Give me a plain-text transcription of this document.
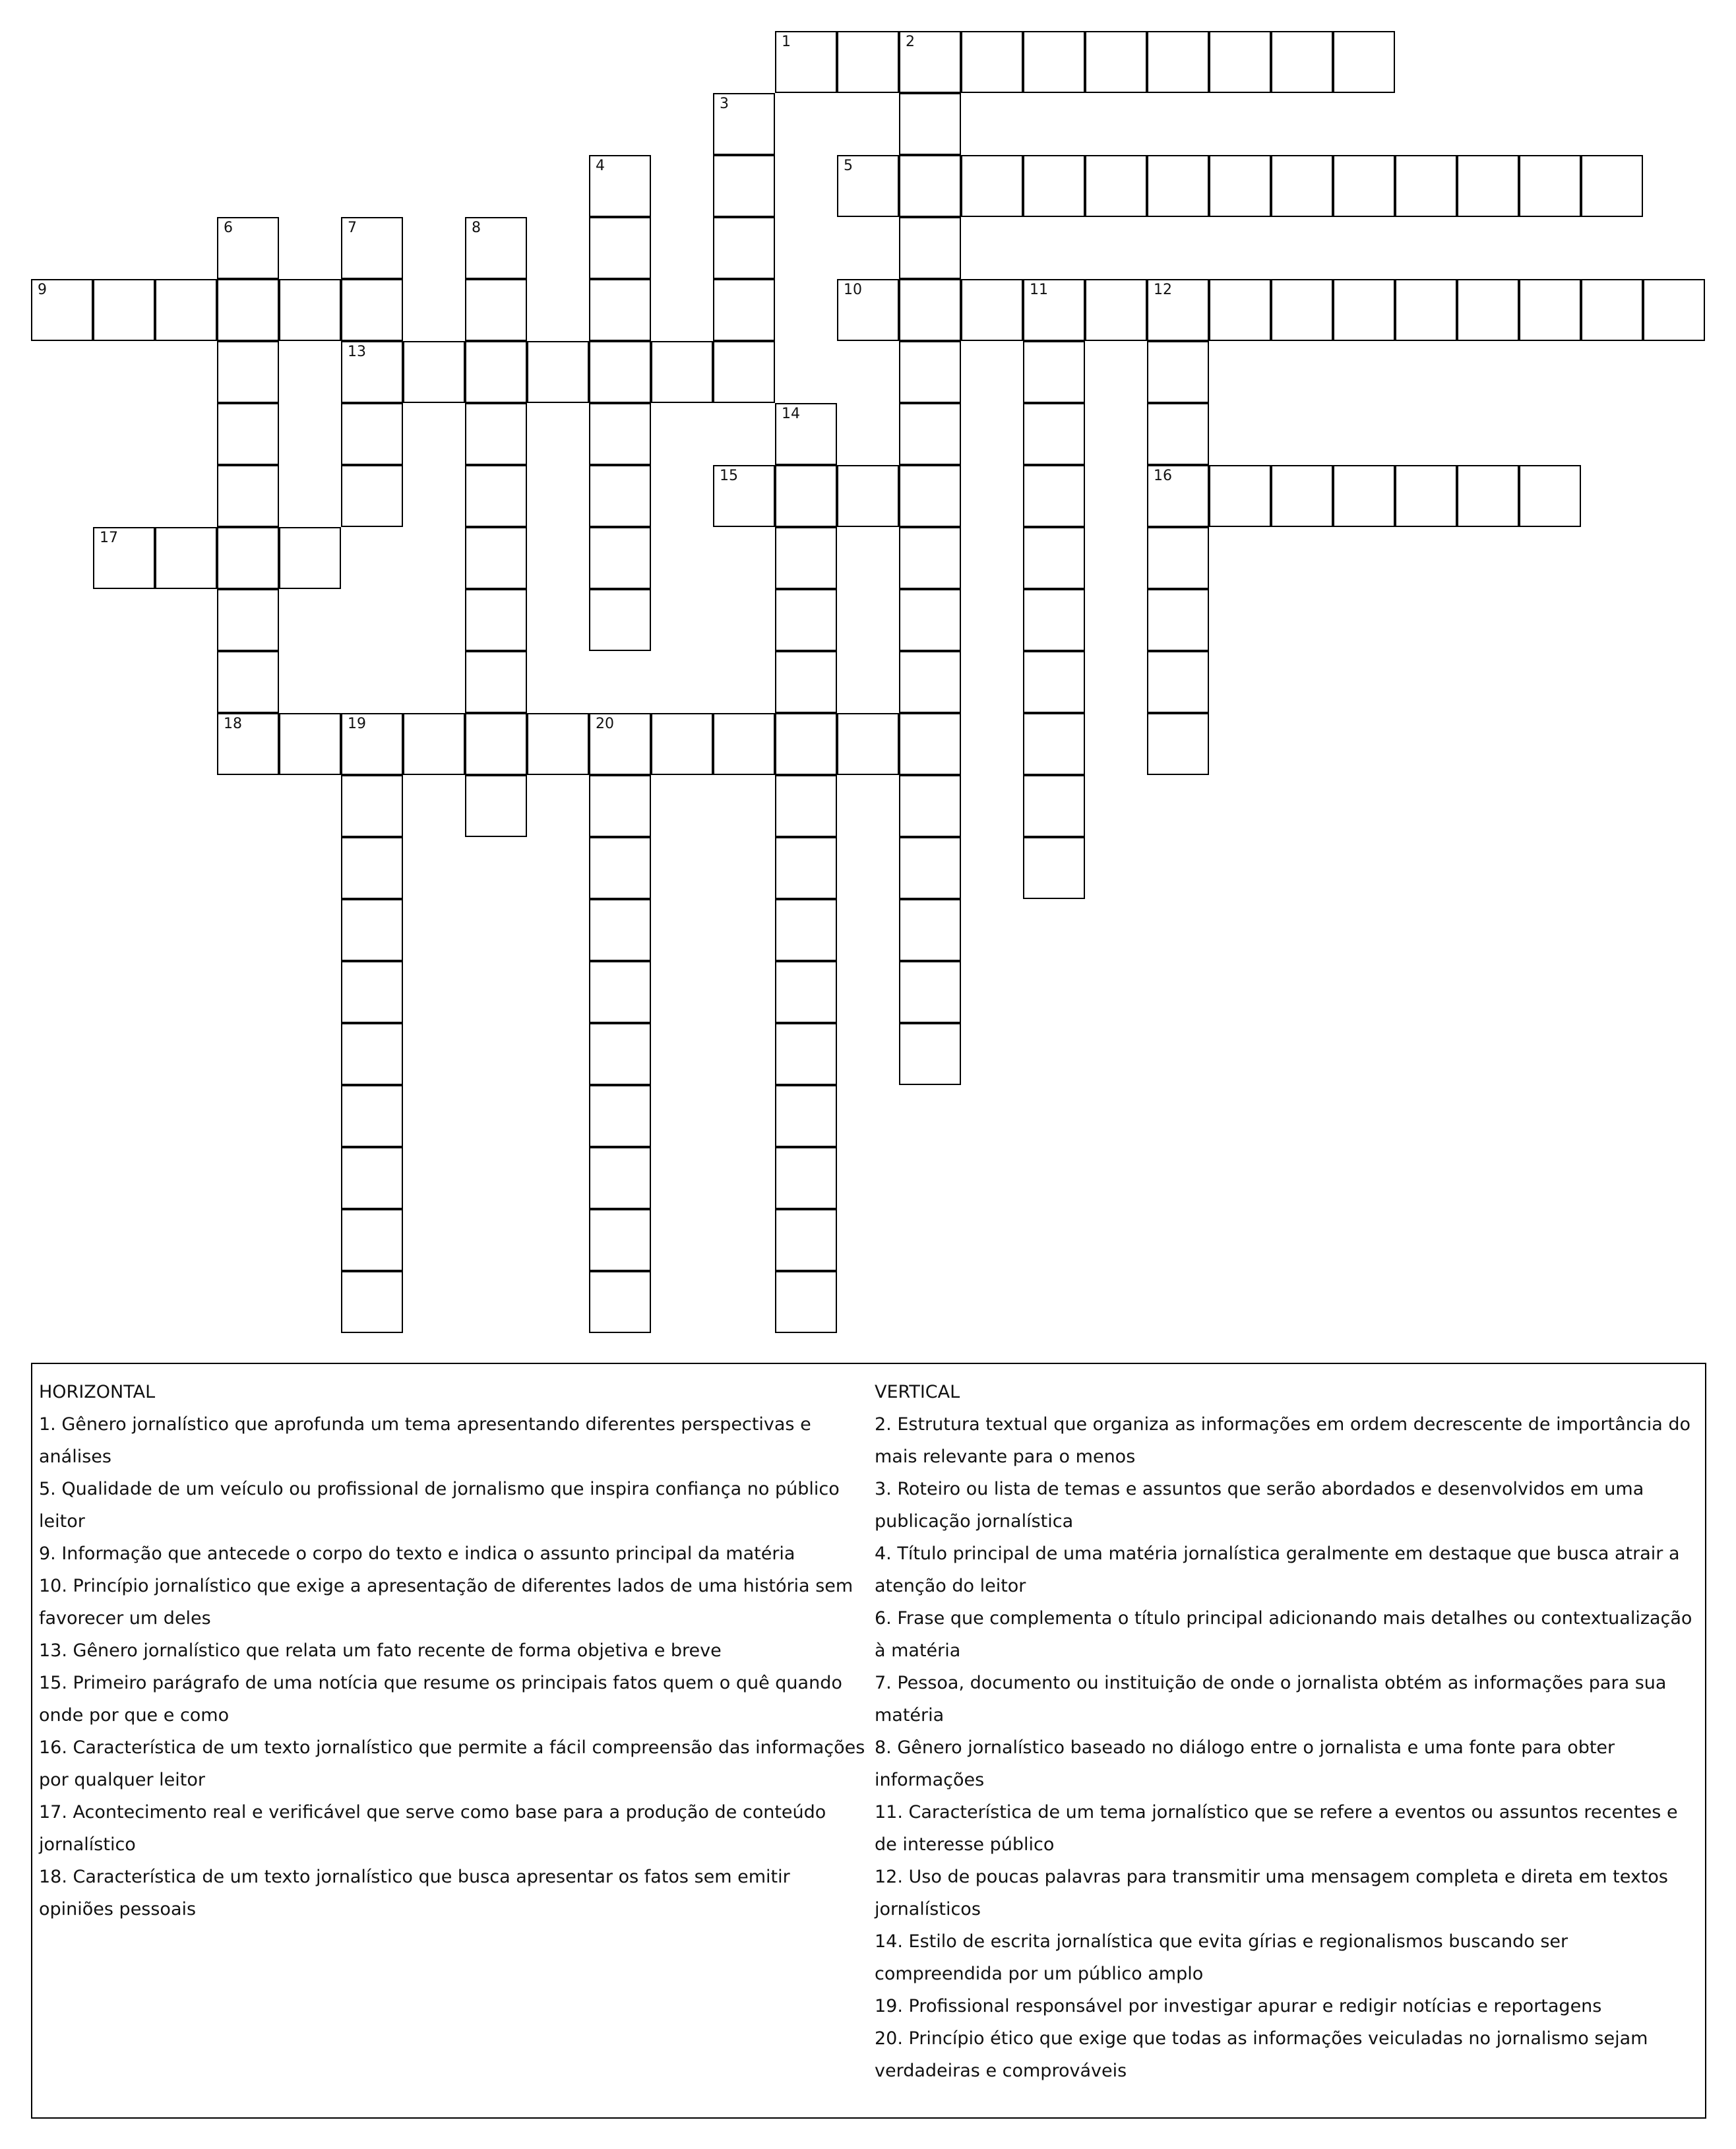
1	2
3
4	5
6	7	8
9	10	11	12
13
14
15	16
17
18	19	20
HORIZONTAL
1. Gênero jornalístico que aprofunda um tema apresentando diferentes perspectivas e análises
5. Qualidade de um veículo ou profissional de jornalismo que inspira confiança no público leitor
9. Informação que antecede o corpo do texto e indica o assunto principal da matéria
10. Princípio jornalístico que exige a apresentação de diferentes lados de uma história sem favorecer um deles
13. Gênero jornalístico que relata um fato recente de forma objetiva e breve
15. Primeiro parágrafo de uma notícia que resume os principais fatos quem o quê quando onde por que e como
16. Característica de um texto jornalístico que permite a fácil compreensão das informações por qualquer leitor
17. Acontecimento real e verificável que serve como base para a produção de conteúdo jornalístico
18. Característica de um texto jornalístico que busca apresentar os fatos sem emitir opiniões pessoais
VERTICAL
2. Estrutura textual que organiza as informações em ordem decrescente de importância do mais relevante para o menos
3. Roteiro ou lista de temas e assuntos que serão abordados e desenvolvidos em uma publicação jornalística
4. Título principal de uma matéria jornalística geralmente em destaque que busca atrair a atenção do leitor
6. Frase que complementa o título principal adicionando mais detalhes ou contextualização à matéria
7. Pessoa, documento ou instituição de onde o jornalista obtém as informações para sua matéria
8. Gênero jornalístico baseado no diálogo entre o jornalista e uma fonte para obter informações
11. Característica de um tema jornalístico que se refere a eventos ou assuntos recentes e de interesse público
12. Uso de poucas palavras para transmitir uma mensagem completa e direta em textos jornalísticos
14. Estilo de escrita jornalística que evita gírias e regionalismos buscando ser compreendida por um público amplo
19. Profissional responsável por investigar apurar e redigir notícias e reportagens
20. Princípio ético que exige que todas as informações veiculadas no jornalismo sejam verdadeiras e comprováveis
